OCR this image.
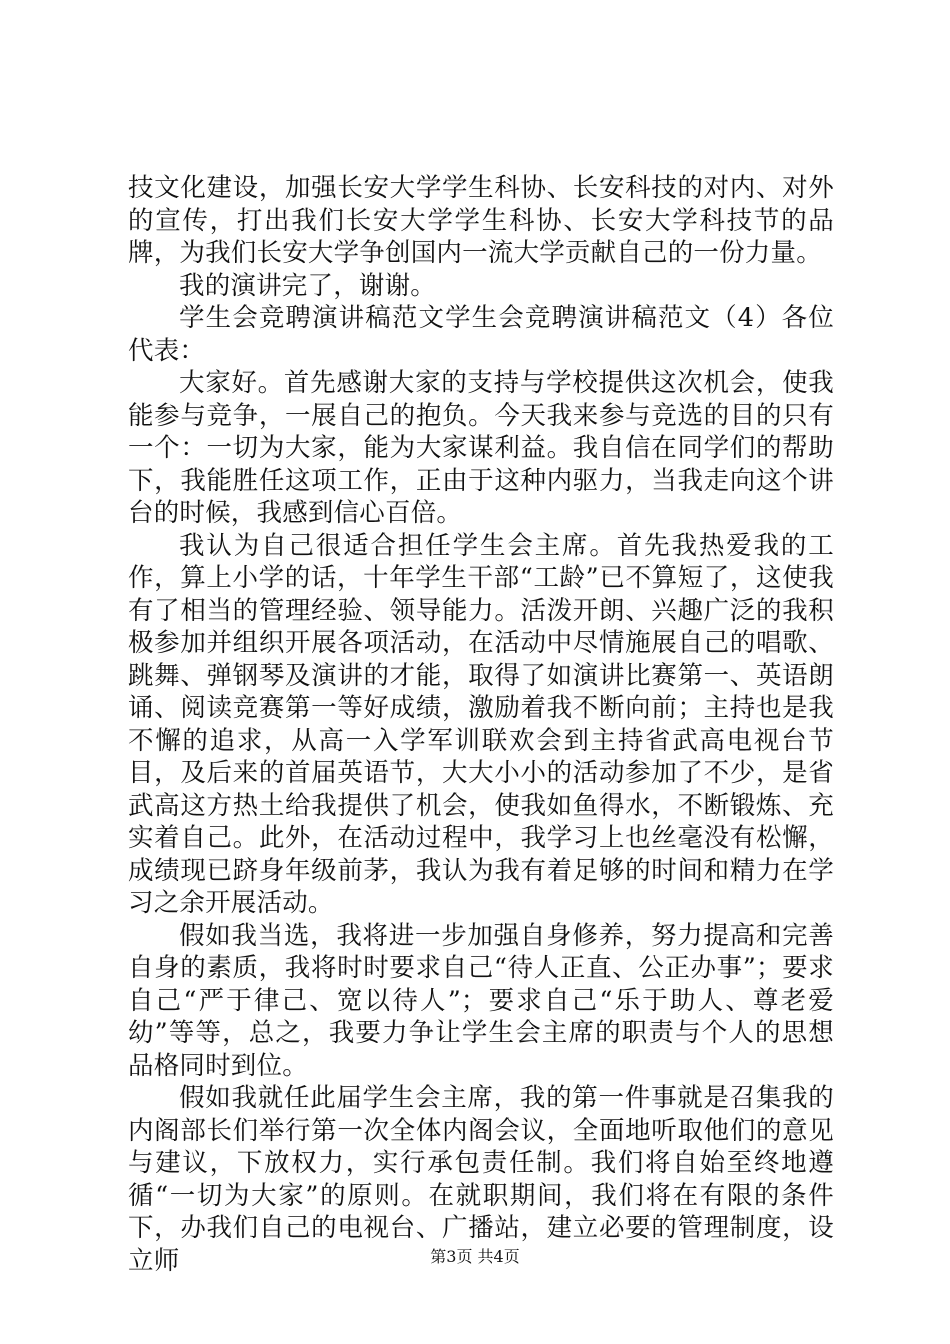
技文化建设，加强长安大学学生科协、长安科技的对内、对外的宣传，打出我们长安大学学生科协、长安大学科技节的品牌，为我们长安大学争创国内一流大学贡献自己的一份力量。

我的演讲完了，谢谢。

学生会竞聘演讲稿范文学生会竞聘演讲稿范文（4）各位代表：

大家好。首先感谢大家的支持与学校提供这次机会，使我能参与竞争，一展自己的抱负。今天我来参与竞选的目的只有一个：一切为大家，能为大家谋利益。我自信在同学们的帮助下，我能胜任这项工作，正由于这种内驱力，当我走向这个讲台的时候，我感到信心百倍。

我认为自己很适合担任学生会主席。首先我热爱我的工作，算上小学的话，十年学生干部“工龄”已不算短了，这使我有了相当的管理经验、领导能力。活泼开朗、兴趣广泛的我积极参加并组织开展各项活动，在活动中尽情施展自己的唱歌、跳舞、弹钢琴及演讲的才能，取得了如演讲比赛第一、英语朗诵、阅读竞赛第一等好成绩，激励着我不断向前；主持也是我不懈的追求，从高一入学军训联欢会到主持省武高电视台节目，及后来的首届英语节，大大小小的活动参加了不少，是省武高这方热土给我提供了机会，使我如鱼得水，不断锻炼、充实着自己。此外，在活动过程中，我学习上也丝毫没有松懈，成绩现已跻身年级前茅，我认为我有着足够的时间和精力在学习之余开展活动。

假如我当选，我将进一步加强自身修养，努力提高和完善自身的素质，我将时时要求自己“待人正直、公正办事”；要求自己“严于律己、宽以待人”；要求自己“乐于助人、尊老爱幼”等等，总之，我要力争让学生会主席的职责与个人的思想品格同时到位。

假如我就任此届学生会主席，我的第一件事就是召集我的内阁部长们举行第一次全体内阁会议，全面地听取他们的意见与建议，下放权力，实行承包责任制。我们将自始至终地遵循“一切为大家”的原则。在就职期间，我们将在有限的条件下，办我们自己的电视台、广播站，建立必要的管理制度，设立师	第3页 共4页
